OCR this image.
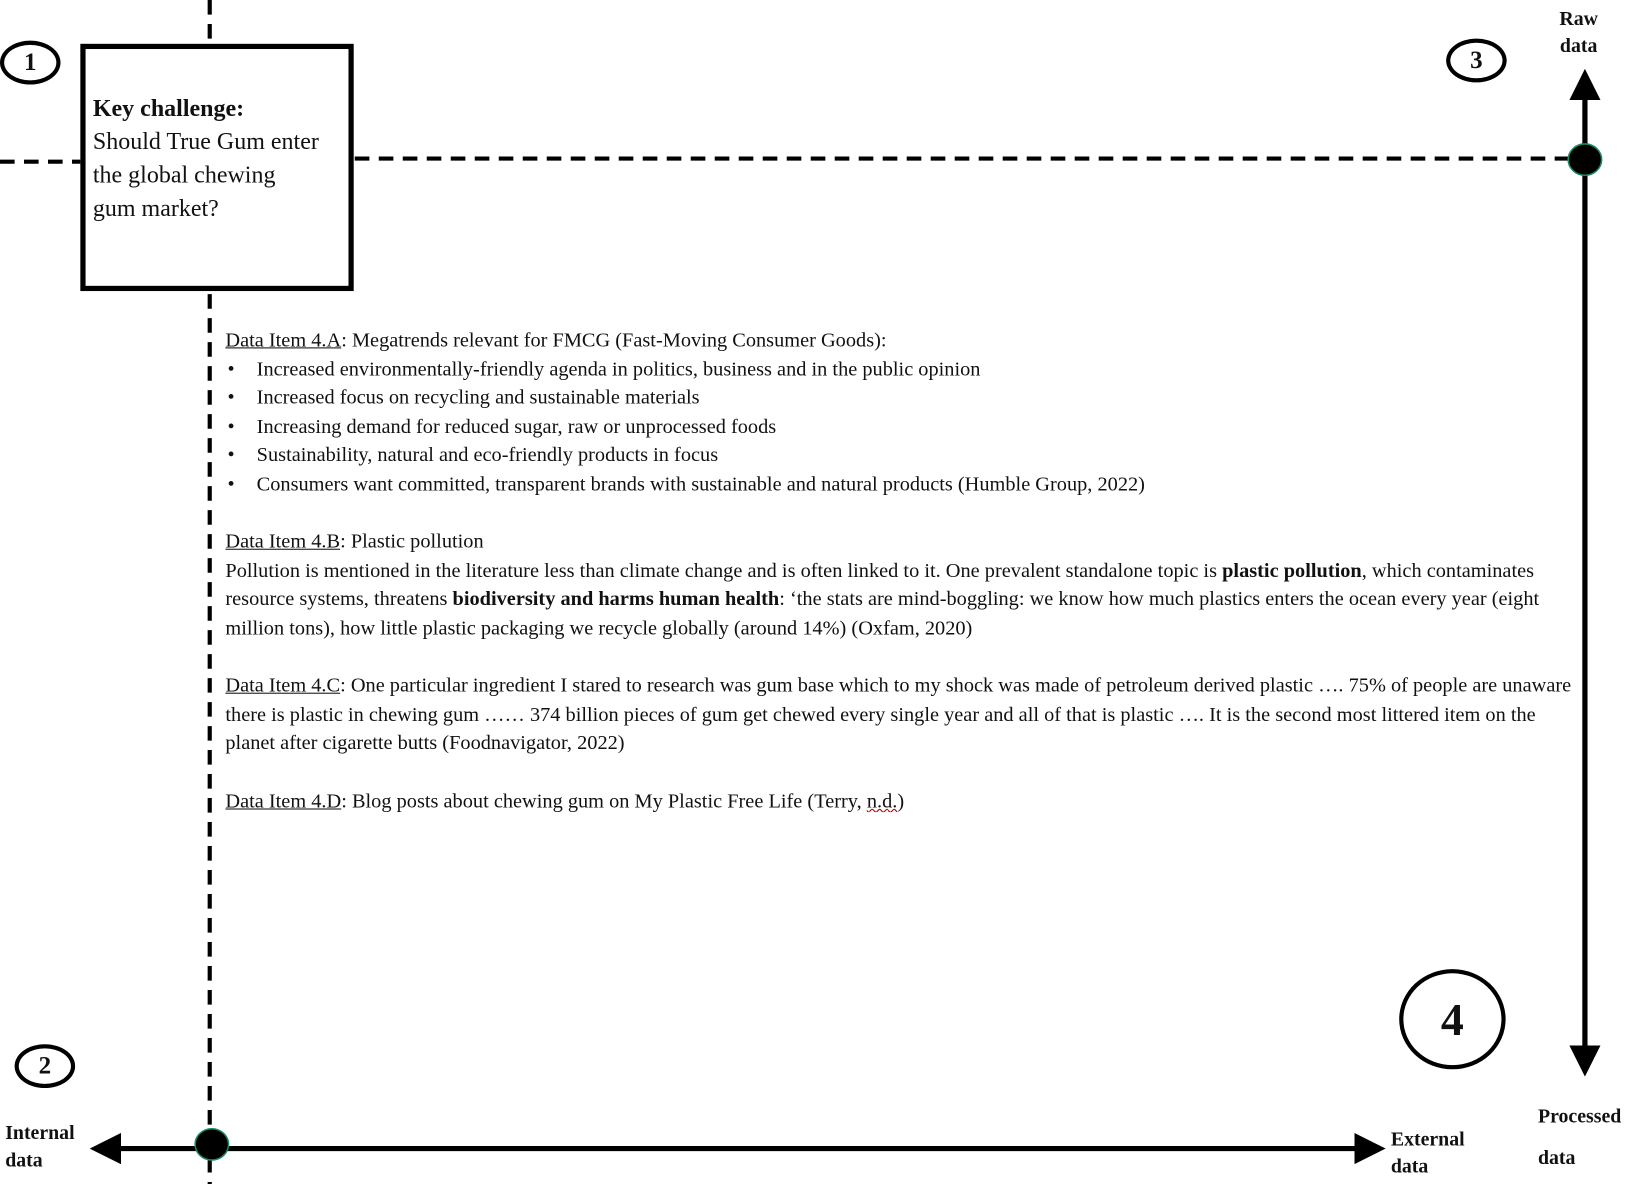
1
2
3
4
Raw
data
Processed
data
Internal
data
External
data
Key challenge:
Should True Gum enter
the global chewing
gum market?
Data Item 4.A: Megatrends relevant for FMCG (Fast-Moving Consumer Goods):
• Increased environmentally-friendly agenda in politics, business and in the public opinion
• Increased focus on recycling and sustainable materials
• Increasing demand for reduced sugar, raw or unprocessed foods
• Sustainability, natural and eco-friendly products in focus
• Consumers want committed, transparent brands with sustainable and natural products (Humble Group, 2022)
Data Item 4.B: Plastic pollution
Pollution is mentioned in the literature less than climate change and is often linked to it. One prevalent standalone topic is plastic pollution, which contaminates resource systems, threatens biodiversity and harms human health: ‘the stats are mind-boggling: we know how much plastics enters the ocean every year (eight million tons), how little plastic packaging we recycle globally (around 14%) (Oxfam, 2020)
Data Item 4.C: One particular ingredient I stared to research was gum base which to my shock was made of petroleum derived plastic …. 75% of people are unaware there is plastic in chewing gum …… 374 billion pieces of gum get chewed every single year and all of that is plastic …. It is the second most littered item on the planet after cigarette butts (Foodnavigator, 2022)
Data Item 4.D: Blog posts about chewing gum on My Plastic Free Life (Terry, n.d.)
